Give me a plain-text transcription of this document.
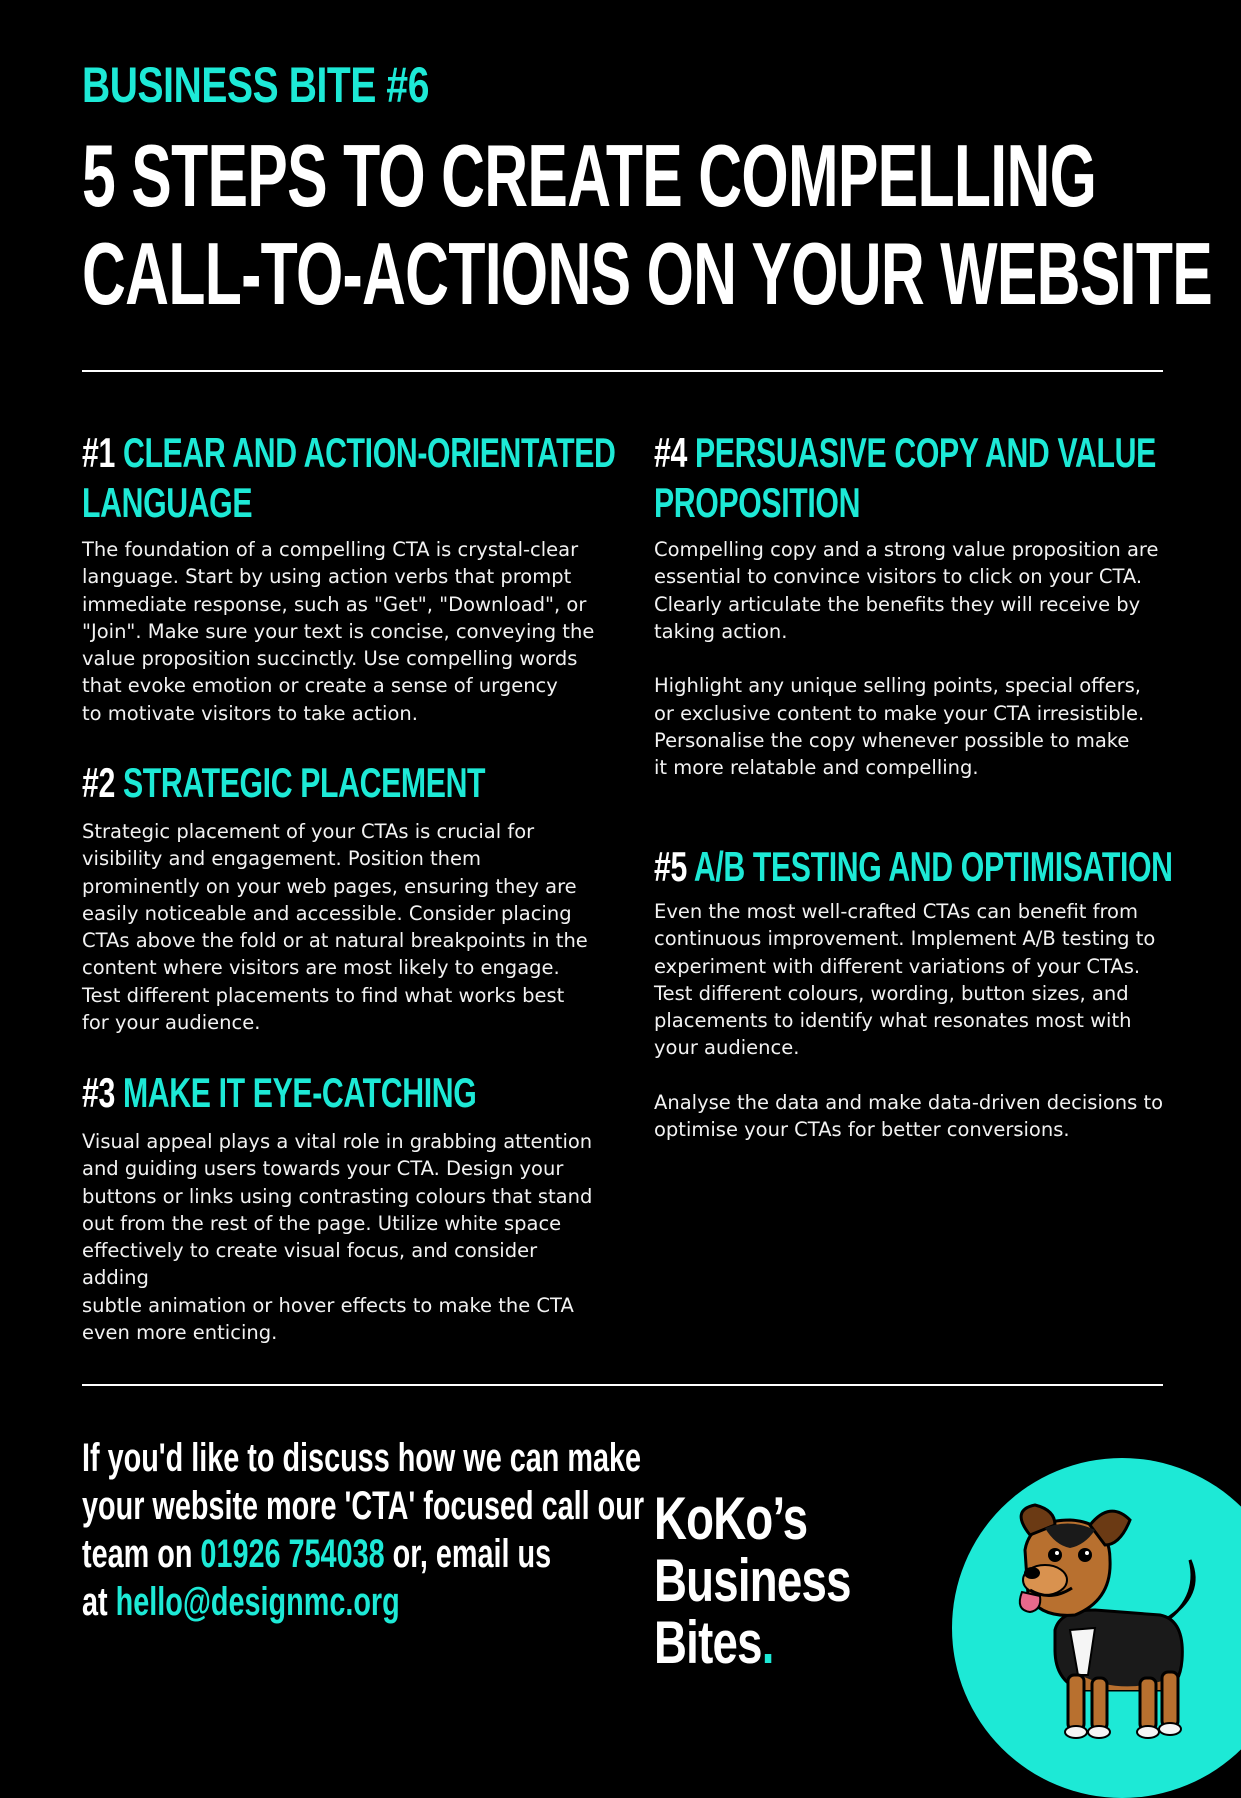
BUSINESS BITE #6
5 STEPS TO CREATE COMPELLING
CALL-TO-ACTIONS ON YOUR WEBSITE
#1 CLEAR AND ACTION-ORIENTATED
LANGUAGE
The foundation of a compelling CTA is crystal-clear
language. Start by using action verbs that prompt
immediate response, such as "Get", "Download", or
"Join". Make sure your text is concise, conveying the
value proposition succinctly. Use compelling words
that evoke emotion or create a sense of urgency
to motivate visitors to take action.
#2 STRATEGIC PLACEMENT
Strategic placement of your CTAs is crucial for
visibility and engagement. Position them
prominently on your web pages, ensuring they are
easily noticeable and accessible. Consider placing
CTAs above the fold or at natural breakpoints in the
content where visitors are most likely to engage.
Test different placements to find what works best
for your audience.
#3 MAKE IT EYE-CATCHING
Visual appeal plays a vital role in grabbing attention
and guiding users towards your CTA. Design your
buttons or links using contrasting colours that stand
out from the rest of the page. Utilize white space
effectively to create visual focus, and consider adding
subtle animation or hover effects to make the CTA
even more enticing.
#4 PERSUASIVE COPY AND VALUE
PROPOSITION
Compelling copy and a strong value proposition are
essential to convince visitors to click on your CTA.
Clearly articulate the benefits they will receive by
taking action.

Highlight any unique selling points, special offers,
or exclusive content to make your CTA irresistible.
Personalise the copy whenever possible to make
it more relatable and compelling.
#5 A/B TESTING AND OPTIMISATION
Even the most well-crafted CTAs can benefit from
continuous improvement. Implement A/B testing to
experiment with different variations of your CTAs.
Test different colours, wording, button sizes, and
placements to identify what resonates most with
your audience.

Analyse the data and make data-driven decisions to
optimise your CTAs for better conversions.
If you'd like to discuss how we can make
your website more 'CTA' focused call our
team on 01926 754038 or, email us
at hello@designmc.org
KoKo’s
Business
Bites.
